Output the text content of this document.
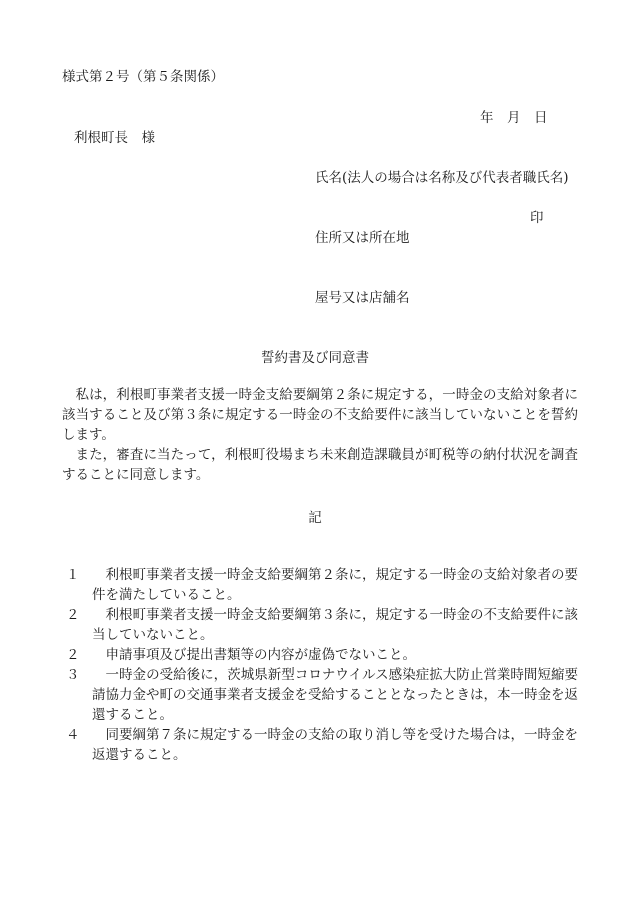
様式第２号（第５条関係）
年　月　日
利根町長　様
氏名(法人の場合は名称及び代表者職氏名)
印
住所又は所在地
屋号又は店舗名
誓約書及び同意書

私は，利根町事業者支援一時金支給要綱第２条に規定する，一時金の支給対象者に該当すること及び第３条に規定する一時金の不支給要件に該当していないことを誓約します。

また，審査に当たって，利根町役場まち未来創造課職員が町税等の納付状況を調査することに同意します。

記
１	利根町事業者支援一時金支給要綱第２条に，規定する一時金の支給対象者の要件を満たしていること。
２	利根町事業者支援一時金支給要綱第３条に，規定する一時金の不支給要件に該当していないこと。
２	申請事項及び提出書類等の内容が虚偽でないこと。
３	一時金の受給後に，茨城県新型コロナウイルス感染症拡大防止営業時間短縮要請協力金や町の交通事業者支援金を受給することとなったときは，本一時金を返還すること。
４	同要綱第７条に規定する一時金の支給の取り消し等を受けた場合は，一時金を返還すること。
